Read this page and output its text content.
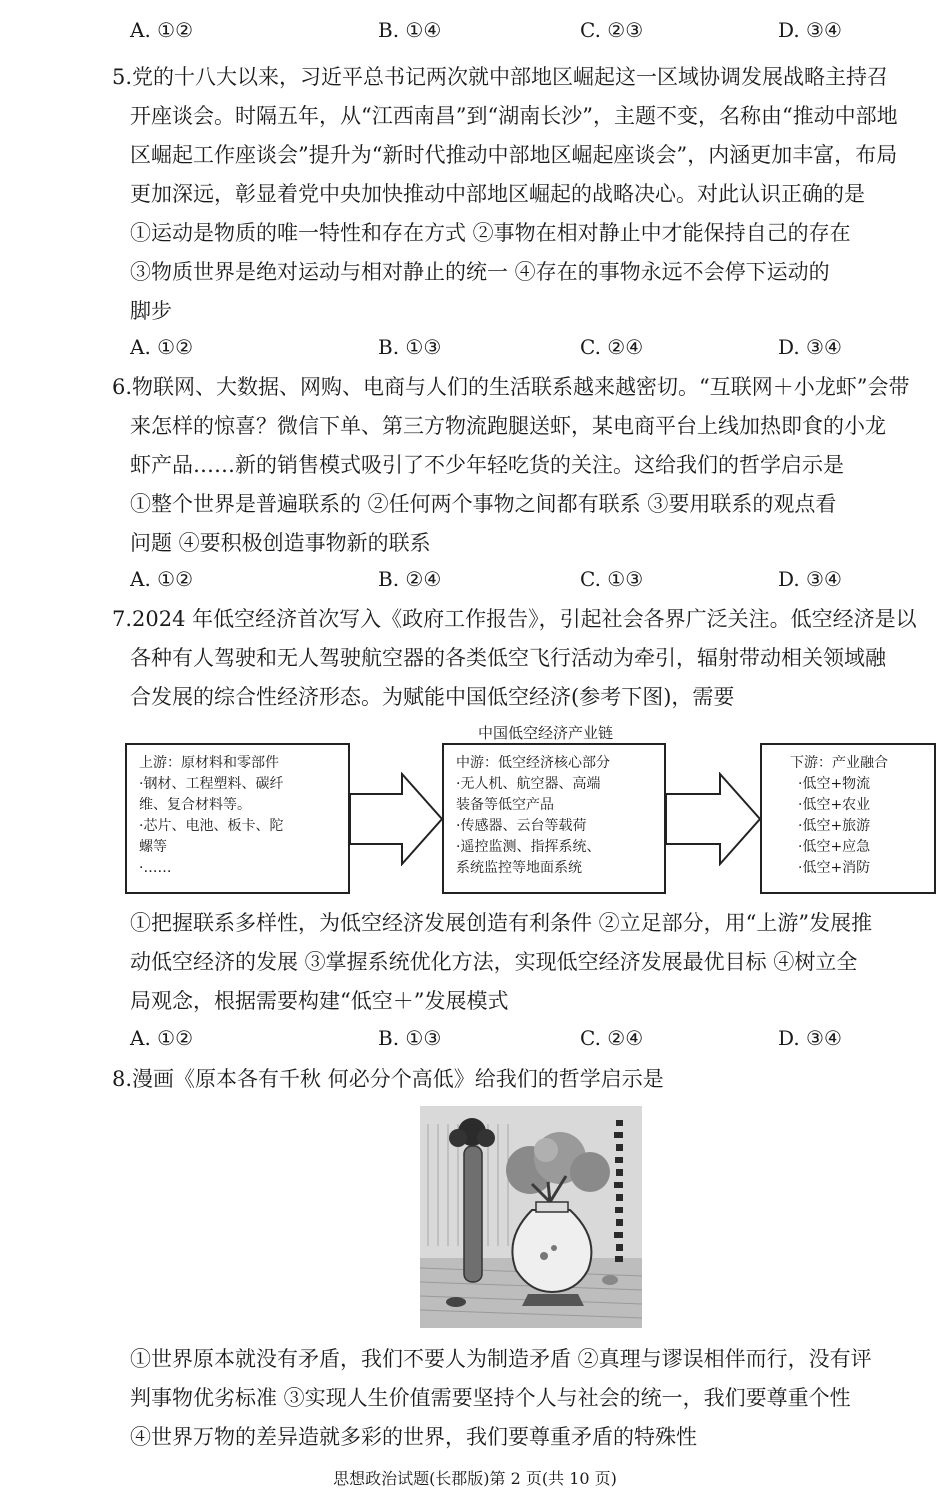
A. ①②	B. ①④	C. ②③	D. ③④
5.党的十八大以来，习近平总书记两次就中部地区崛起这一区域协调发展战略主持召
开座谈会。时隔五年，从“江西南昌”到“湖南长沙”，主题不变，名称由“推动中部地
区崛起工作座谈会”提升为“新时代推动中部地区崛起座谈会”，内涵更加丰富，布局
更加深远，彰显着党中央加快推动中部地区崛起的战略决心。对此认识正确的是
①运动是物质的唯一特性和存在方式 ②事物在相对静止中才能保持自己的存在
③物质世界是绝对运动与相对静止的统一 ④存在的事物永远不会停下运动的
脚步
A. ①②	B. ①③	C. ②④	D. ③④
6.物联网、大数据、网购、电商与人们的生活联系越来越密切。“互联网＋小龙虾”会带
来怎样的惊喜？微信下单、第三方物流跑腿送虾，某电商平台上线加热即食的小龙
虾产品……新的销售模式吸引了不少年轻吃货的关注。这给我们的哲学启示是
①整个世界是普遍联系的 ②任何两个事物之间都有联系 ③要用联系的观点看
问题 ④要积极创造事物新的联系
A. ①②	B. ②④	C. ①③	D. ③④
7.2024 年低空经济首次写入《政府工作报告》，引起社会各界广泛关注。低空经济是以
各种有人驾驶和无人驾驶航空器的各类低空飞行活动为牵引，辐射带动相关领域融
合发展的综合性经济形态。为赋能中国低空经济(参考下图)，需要
中国低空经济产业链
上游：原材料和零部件
·钢材、工程塑料、碳纤
维、复合材料等。
·芯片、电池、板卡、陀
螺等
·……
中游：低空经济核心部分
·无人机、航空器、高端
装备等低空产品
·传感器、云台等载荷
·遥控监测、指挥系统、
系统监控等地面系统
下游：产业融合
·低空+物流
·低空+农业
·低空+旅游
·低空+应急
·低空+消防
①把握联系多样性，为低空经济发展创造有利条件 ②立足部分，用“上游”发展推
动低空经济的发展 ③掌握系统优化方法，实现低空经济发展最优目标 ④树立全
局观念，根据需要构建“低空＋”发展模式
A. ①②	B. ①③	C. ②④	D. ③④
8.漫画《原本各有千秋 何必分个高低》给我们的哲学启示是
①世界原本就没有矛盾，我们不要人为制造矛盾 ②真理与谬误相伴而行，没有评
判事物优劣标准 ③实现人生价值需要坚持个人与社会的统一，我们要尊重个性
④世界万物的差异造就多彩的世界，我们要尊重矛盾的特殊性
思想政治试题(长郡版)第 2 页(共 10 页)
